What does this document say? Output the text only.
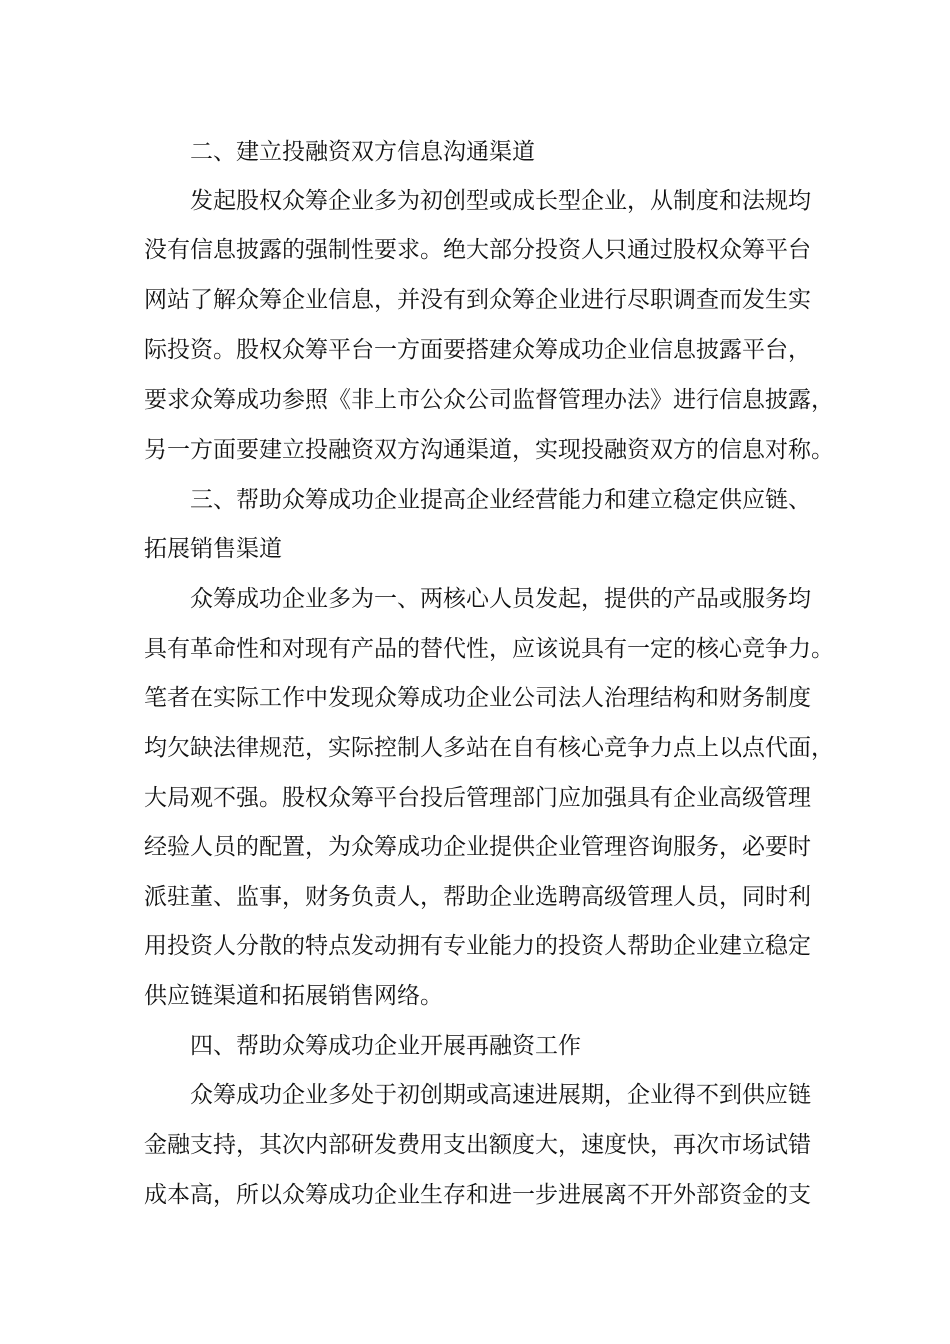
二、建立投融资双方信息沟通渠道
发起股权众筹企业多为初创型或成长型企业，从制度和法规均
没有信息披露的强制性要求。绝大部分投资人只通过股权众筹平台
网站了解众筹企业信息，并没有到众筹企业进行尽职调查而发生实
际投资。股权众筹平台一方面要搭建众筹成功企业信息披露平台，
要求众筹成功参照《非上市公众公司监督管理办法》进行信息披露，
另一方面要建立投融资双方沟通渠道，实现投融资双方的信息对称。
三、帮助众筹成功企业提高企业经营能力和建立稳定供应链、
拓展销售渠道
众筹成功企业多为一、两核心人员发起，提供的产品或服务均
具有革命性和对现有产品的替代性，应该说具有一定的核心竞争力。
笔者在实际工作中发现众筹成功企业公司法人治理结构和财务制度
均欠缺法律规范，实际控制人多站在自有核心竞争力点上以点代面，
大局观不强。股权众筹平台投后管理部门应加强具有企业高级管理
经验人员的配置，为众筹成功企业提供企业管理咨询服务，必要时
派驻董、监事，财务负责人，帮助企业选聘高级管理人员，同时利
用投资人分散的特点发动拥有专业能力的投资人帮助企业建立稳定
供应链渠道和拓展销售网络。
四、帮助众筹成功企业开展再融资工作
众筹成功企业多处于初创期或高速进展期，企业得不到供应链
金融支持，其次内部研发费用支出额度大，速度快，再次市场试错
成本高，所以众筹成功企业生存和进一步进展离不开外部资金的支
